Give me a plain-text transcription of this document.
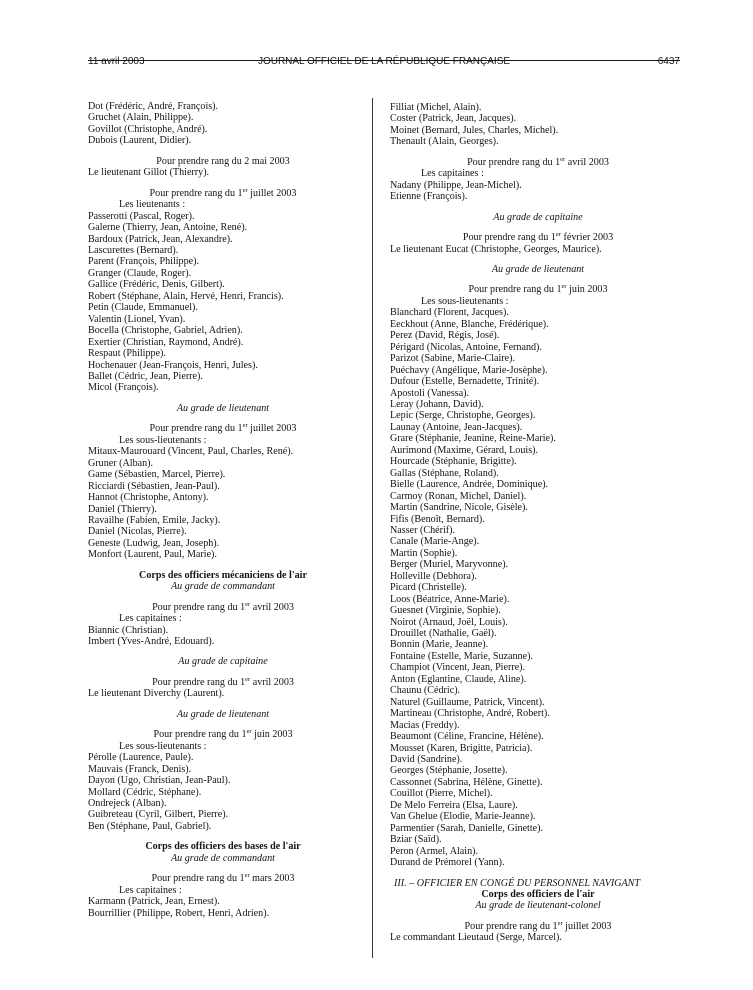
11 avril 2003	JOURNAL OFFICIEL DE LA RÉPUBLIQUE FRANÇAISE	6437
Dot (Frédéric, André, François).
Gruchet (Alain, Philippe).
Govillot (Christophe, André).
Dubois (Laurent, Didier).
Pour prendre rang du 2 mai 2003
Le lieutenant Gillot (Thierry).
Pour prendre rang du 1er juillet 2003
Les lieutenants :
Passerotti (Pascal, Roger).
Galerne (Thierry, Jean, Antoine, René).
Bardoux (Patrick, Jean, Alexandre).
Lascurettes (Bernard).
Parent (François, Philippe).
Granger (Claude, Roger).
Gallice (Frédéric, Denis, Gilbert).
Robert (Stéphane, Alain, Hervé, Henri, Francis).
Petin (Claude, Emmanuel).
Valentin (Lionel, Yvan).
Bocella (Christophe, Gabriel, Adrien).
Exertier (Christian, Raymond, André).
Respaut (Philippe).
Hochenauer (Jean-François, Henri, Jules).
Ballet (Cédric, Jean, Pierre).
Micol (François).
Au grade de lieutenant
Pour prendre rang du 1er juillet 2003
Les sous-lieutenants :
Mitaux-Maurouard (Vincent, Paul, Charles, René).
Gruner (Alban).
Game (Sébastien, Marcel, Pierre).
Ricciardi (Sébastien, Jean-Paul).
Hannot (Christophe, Antony).
Daniel (Thierry).
Ravailhe (Fabien, Emile, Jacky).
Daniel (Nicolas, Pierre).
Geneste (Ludwig, Jean, Joseph).
Monfort (Laurent, Paul, Marie).
Corps des officiers mécaniciens de l'air
Au grade de commandant
Pour prendre rang du 1er avril 2003
Les capitaines :
Biannic (Christian).
Imbert (Yves-André, Edouard).
Au grade de capitaine
Pour prendre rang du 1er avril 2003
Le lieutenant Diverchy (Laurent).
Au grade de lieutenant
Pour prendre rang du 1er juin 2003
Les sous-lieutenants :
Pérolle (Laurence, Paule).
Mauvais (Franck, Denis).
Dayon (Ugo, Christian, Jean-Paul).
Mollard (Cédric, Stéphane).
Ondrejeck (Alban).
Guibreteau (Cyril, Gilbert, Pierre).
Ben (Stéphane, Paul, Gabriel).
Corps des officiers des bases de l'air
Au grade de commandant
Pour prendre rang du 1er mars 2003
Les capitaines :
Karmann (Patrick, Jean, Ernest).
Bourrillier (Philippe, Robert, Henri, Adrien).
Filliat (Michel, Alain).
Coster (Patrick, Jean, Jacques).
Moinet (Bernard, Jules, Charles, Michel).
Thenault (Alain, Georges).
Pour prendre rang du 1er avril 2003
Les capitaines :
Nadany (Philippe, Jean-Michel).
Etienne (François).
Au grade de capitaine
Pour prendre rang du 1er février 2003
Le lieutenant Eucat (Christophe, Georges, Maurice).
Au grade de lieutenant
Pour prendre rang du 1er juin 2003
Les sous-lieutenants :
Blanchard (Florent, Jacques).
Eeckhout (Anne, Blanche, Frédérique).
Perez (David, Régis, José).
Périgard (Nicolas, Antoine, Fernand).
Parizot (Sabine, Marie-Claire).
Puéchavy (Angélique, Marie-Josèphe).
Dufour (Estelle, Bernadette, Trinité).
Apostoli (Vanessa).
Leray (Johann, David).
Lepic (Serge, Christophe, Georges).
Launay (Antoine, Jean-Jacques).
Grare (Stéphanie, Jeanine, Reine-Marie).
Aurimond (Maxime, Gérard, Louis).
Hourcade (Stéphanie, Brigitte).
Gallas (Stéphane, Roland).
Bielle (Laurence, Andrée, Dominique).
Carmoy (Ronan, Michel, Daniel).
Martin (Sandrine, Nicole, Gisèle).
Fifis (Benoît, Bernard).
Nasser (Chérif).
Canale (Marie-Ange).
Martin (Sophie).
Berger (Muriel, Maryvonne).
Holleville (Debhora).
Picard (Christelle).
Loos (Béatrice, Anne-Marie).
Guesnet (Virginie, Sophie).
Noirot (Arnaud, Joël, Louis).
Drouillet (Nathalie, Gaël).
Bonnin (Marie, Jeanne).
Fontaine (Estelle, Marie, Suzanne).
Champiot (Vincent, Jean, Pierre).
Anton (Eglantine, Claude, Aline).
Chaunu (Cédric).
Naturel (Guillaume, Patrick, Vincent).
Martineau (Christophe, André, Robert).
Macias (Freddy).
Beaumont (Céline, Francine, Hélène).
Mousset (Karen, Brigitte, Patricia).
David (Sandrine).
Georges (Stéphanie, Josette).
Cassonnet (Sabrina, Hélène, Ginette).
Couillot (Pierre, Michel).
De Melo Ferreira (Elsa, Laure).
Van Ghelue (Elodie, Marie-Jeanne).
Parmentier (Sarah, Danielle, Ginette).
Bziar (Saïd).
Peron (Armel, Alain).
Durand de Prémorel (Yann).
III. – OFFICIER EN CONGÉ DU PERSONNEL NAVIGANT
Corps des officiers de l'air
Au grade de lieutenant-colonel
Pour prendre rang du 1er juillet 2003
Le commandant Lieutaud (Serge, Marcel).
